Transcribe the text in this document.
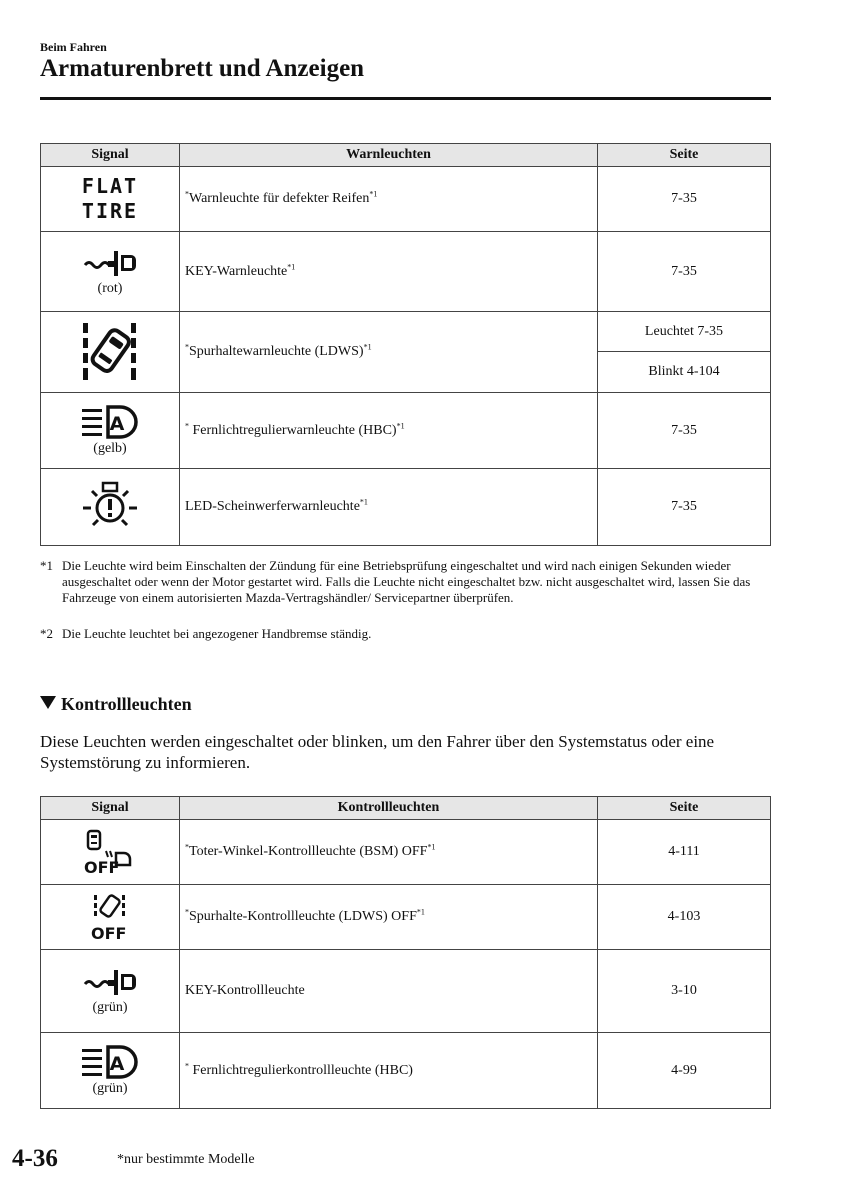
Beim Fahren
Armaturenbrett und Anzeigen
Signal	Warnleuchten	Seite

FLAT
TIRE	*Warnleuchte für defekter Reifen$^{*1}$	7-35

(rot)	KEY-Warnleuchte$^{*1}$	7-35

	*Spurhaltewarnleuchte (LDWS)$^{*1}$	Leuchtet 7-35
		Blinkt 4-104

A
(gelb)	* Fernlichtregulierwarnleuchte (HBC)$^{*1}$	7-35

	LED-Scheinwerferwarnleuchte$^{*1}$	7-35
*1 Die Leuchte wird beim Einschalten der Zündung für eine Betriebsprüfung eingeschaltet und wird nach einigen Sekunden wieder ausgeschaltet oder wenn der Motor gestartet wird. Falls die Leuchte nicht eingeschaltet bzw. nicht ausgeschaltet wird, lassen Sie das Fahrzeuge von einem autorisierten Mazda-Vertragshändler/ Servicepartner überprüfen.
*2 Die Leuchte leuchtet bei angezogener Handbremse ständig.
Kontrollleuchten
Diese Leuchten werden eingeschaltet oder blinken, um den Fahrer über den Systemstatus oder eine Systemstörung zu informieren.
Signal	Kontrollleuchten	Seite

OFF	*Toter-Winkel-Kontrollleuchte (BSM) OFF$^{*1}$	4-111

OFF	*Spurhalte-Kontrollleuchte (LDWS) OFF$^{*1}$	4-103

(grün)	KEY-Kontrollleuchte	3-10

A
(grün)	* Fernlichtregulierkontrollleuchte (HBC)	4-99
4-36	*nur bestimmte Modelle
